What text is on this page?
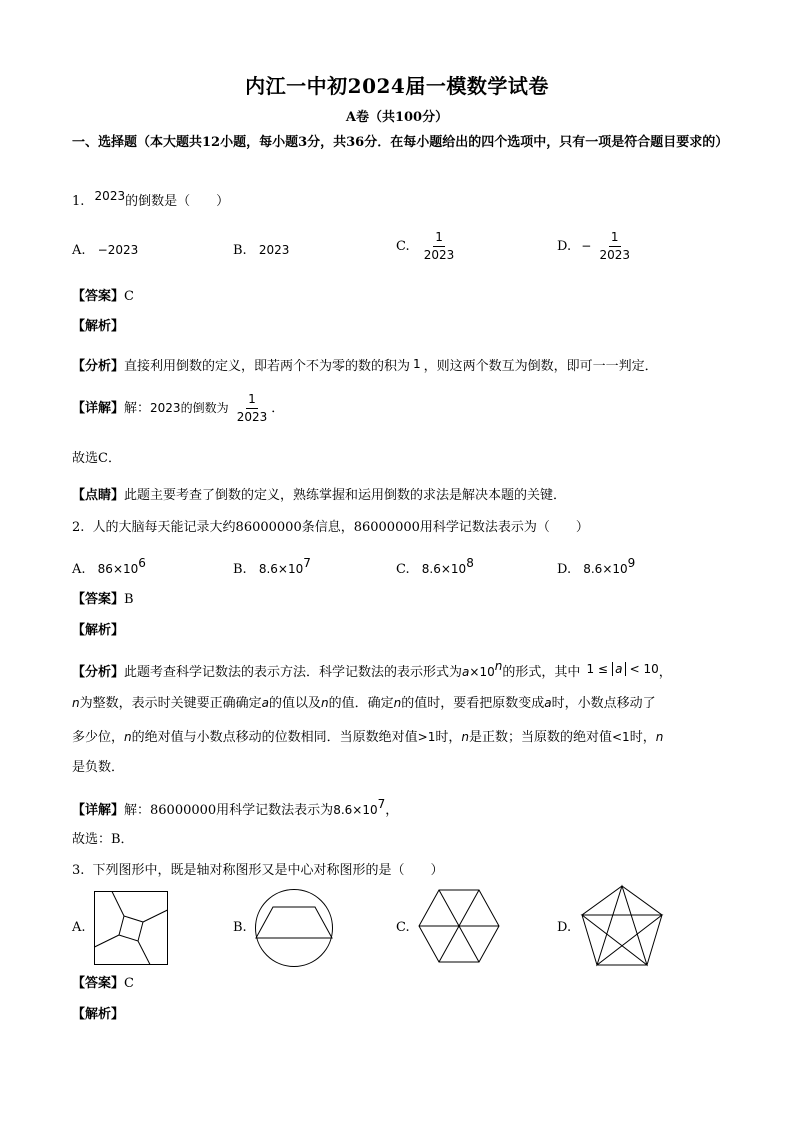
内江一中初2024届一模数学试卷
A卷（共100分）
一、选择题（本大题共12小题，每小题3分，共36分．在每小题给出的四个选项中，只有一项是符合题目要求的）
1. 2023的倒数是（　　）
A. −2023	B. 2023	C. $\frac{1}{2023}$	D. − $\frac{1}{2023}$
【答案】C
【解析】
【分析】直接利用倒数的定义，即若两个不为零的数的积为 1 ，则这两个数互为倒数，即可一一判定．
【详解】解：2023的倒数为 $\frac{1}{2023}$ ．
故选C．
【点睛】此题主要考查了倒数的定义，熟练掌握和运用倒数的求法是解决本题的关键．
2. 人的大脑每天能记录大约86000000条信息，86000000用科学记数法表示为（　　）
A. $86\times 10^6$	B. $8.6\times 10^7$	C. $8.6\times 10^8$	D. $8.6\times 10^9$
【答案】B
【解析】
【分析】此题考查科学记数法的表示方法．科学记数法的表示形式为$a\times 10^n$的形式，其中 1 ≤ a < 10，
n为整数，表示时关键要正确确定a的值以及n的值．确定n的值时，要看把原数变成a时，小数点移动了
多少位，n的绝对值与小数点移动的位数相同．当原数绝对值>1时，n是正数；当原数的绝对值<1时，n
是负数．
【详解】解：86000000用科学记数法表示为$8.6\times 10^7$，
故选：B．
3. 下列图形中，既是轴对称图形又是中心对称图形的是（　　）
A.	B.	C.	D.
【答案】C
【解析】
